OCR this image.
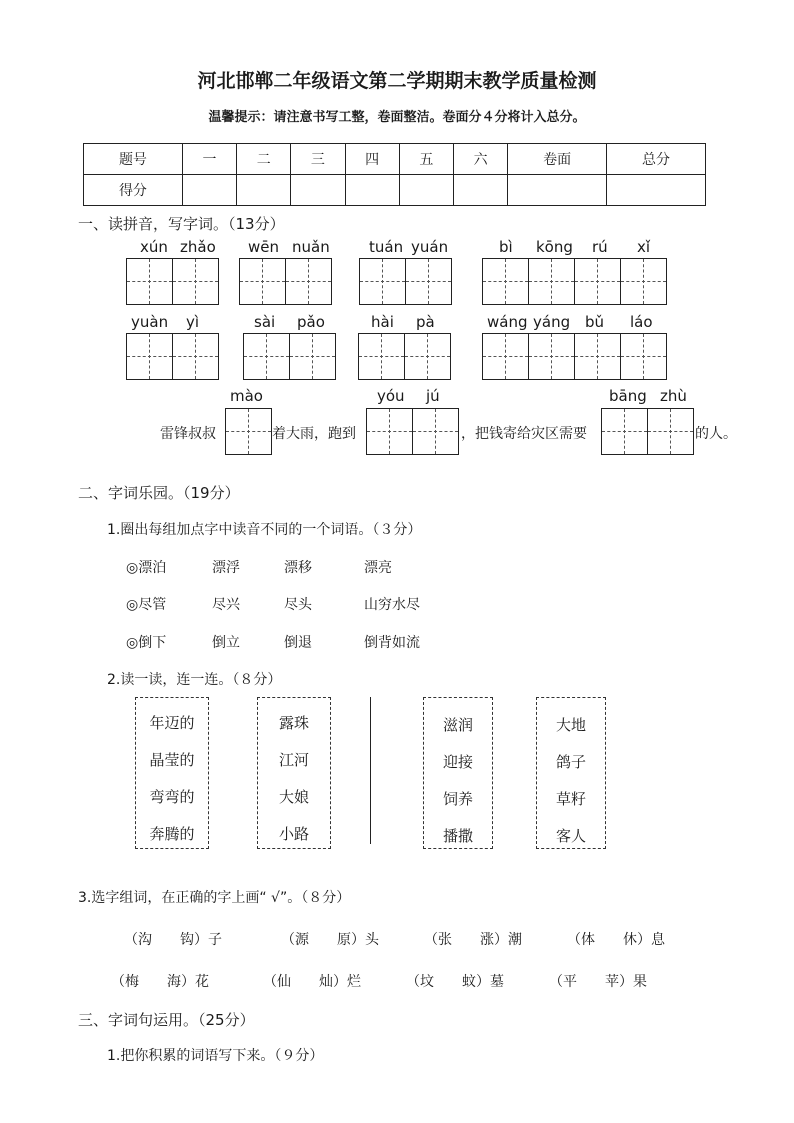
河北邯郸二年级语文第二学期期末教学质量检测
温馨提示：请注意书写工整，卷面整洁。卷面分４分将计入总分。
题号	一	二	三	四	五	六	卷面	总分
得分								
一、读拼音，写字词。（13分）
xún zhǎo wēn nuǎn	tuán yuán	bì kōng rú xǐ
yuàn yì	sài pǎo	hài pà	wáng yáng bǔ láo
mào	yóu jú	bāng zhù
雷锋叔叔	着大雨，跑到	，把钱寄给灾区需要	的人。
二、字词乐园。（19分）
1.圈出每组加点字中读音不同的一个词语。（３分）
◎漂泊	漂浮	漂移	漂亮
◎尽管	尽兴	尽头	山穷水尽
◎倒下	倒立	倒退	倒背如流
2.读一读，连一连。（８分）
年迈的
晶莹的
弯弯的
奔腾的
露珠
江河
大娘
小路
滋润
迎接
饲养
播撒
大地
鸽子
草籽
客人
3.选字组词，在正确的字上画“ √”。（８分）
（沟　　钩）子	（源　　原）头	（张　　涨）潮	（体　　休）息
（梅　　海）花	（仙　　灿）烂	（坟　　蚊）墓	（平　　苹）果
三、字词句运用。（25分）
1.把你积累的词语写下来。（９分）
